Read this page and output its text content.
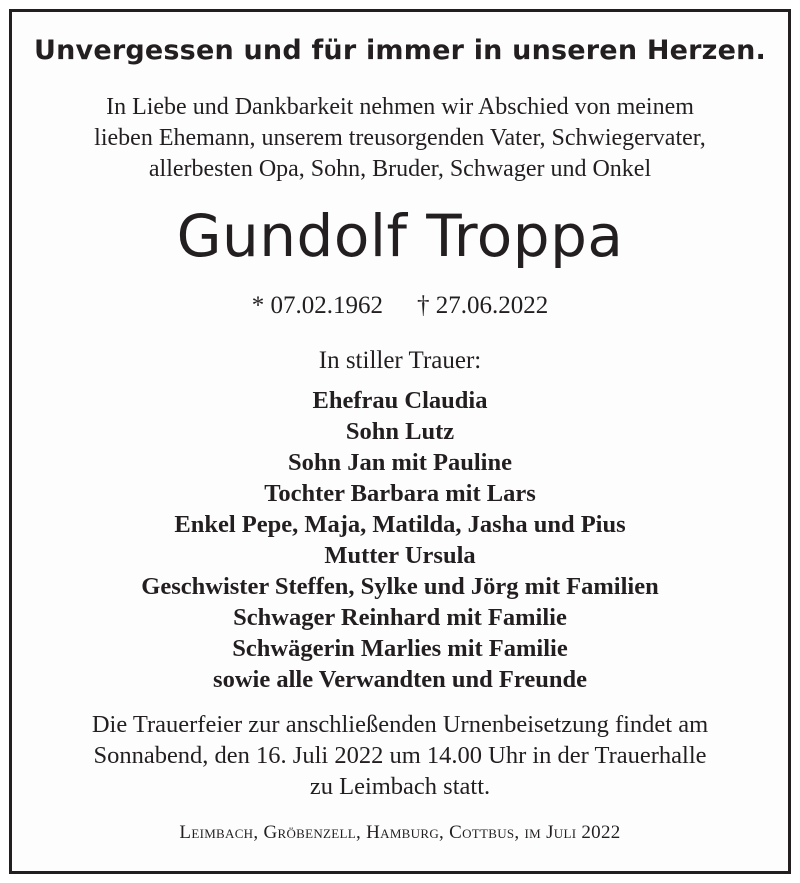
Unvergessen und für immer in unseren Herzen.
In Liebe und Dankbarkeit nehmen wir Abschied von meinem
lieben Ehemann, unserem treusorgenden Vater, Schwiegervater,
allerbesten Opa, Sohn, Bruder, Schwager und Onkel
Gundolf Troppa
* 07.02.1962 † 27.06.2022
In stiller Trauer:
Ehefrau Claudia
Sohn Lutz
Sohn Jan mit Pauline
Tochter Barbara mit Lars
Enkel Pepe, Maja, Matilda, Jasha und Pius
Mutter Ursula
Geschwister Steffen, Sylke und Jörg mit Familien
Schwager Reinhard mit Familie
Schwägerin Marlies mit Familie
sowie alle Verwandten und Freunde
Die Trauerfeier zur anschließenden Urnenbeisetzung findet am
Sonnabend, den 16. Juli 2022 um 14.00 Uhr in der Trauerhalle
zu Leimbach statt.
Leimbach, Gröbenzell, Hamburg, Cottbus, im Juli 2022
